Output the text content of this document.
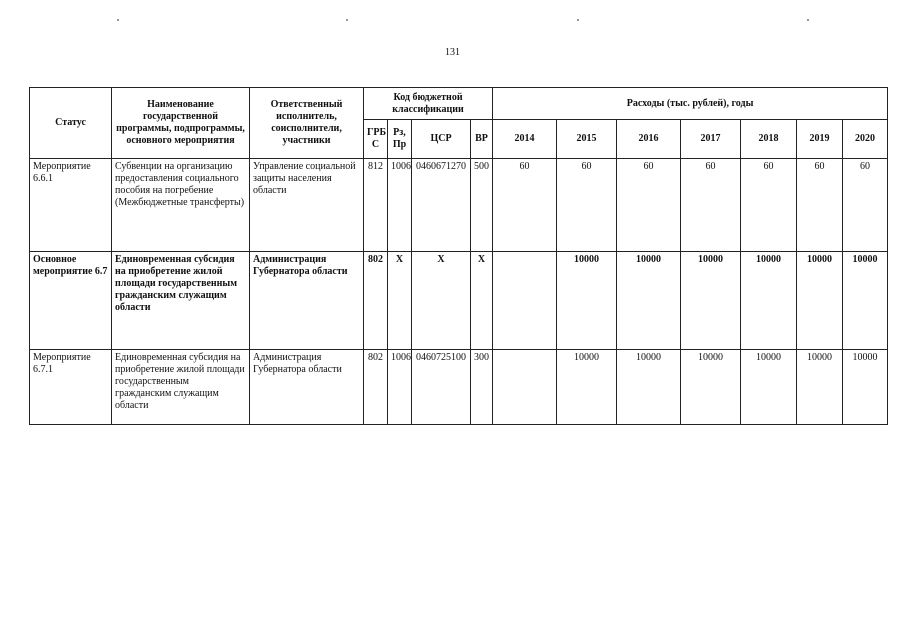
131
Статус	Наименование государственной программы, подпрограммы, основного мероприятия	Ответственный исполнитель, соисполнители, участники	Код бюджетной классификации				Расходы (тыс. рублей), годы						
			ГРБ С	Рз, Пр	ЦСР	ВР	2014	2015	2016	2017	2018	2019	2020
Мероприятие 6.6.1	Субвенции на организацию предоставления социального пособия на погребение (Межбюджетные трансферты)	Управление социальной защиты населения области	812	1006	0460671270	500	60	60	60	60	60	60	60
Основное мероприятие 6.7	Единовременная субсидия на приобретение жилой площади государственным гражданским служащим области	Администрация Губернатора области	802	X	X	X		10000	10000	10000	10000	10000	10000
Мероприятие 6.7.1	Единовременная субсидия на приобретение жилой площади государственным гражданским служащим области	Администрация Губернатора области	802	1006	0460725100	300		10000	10000	10000	10000	10000	10000
